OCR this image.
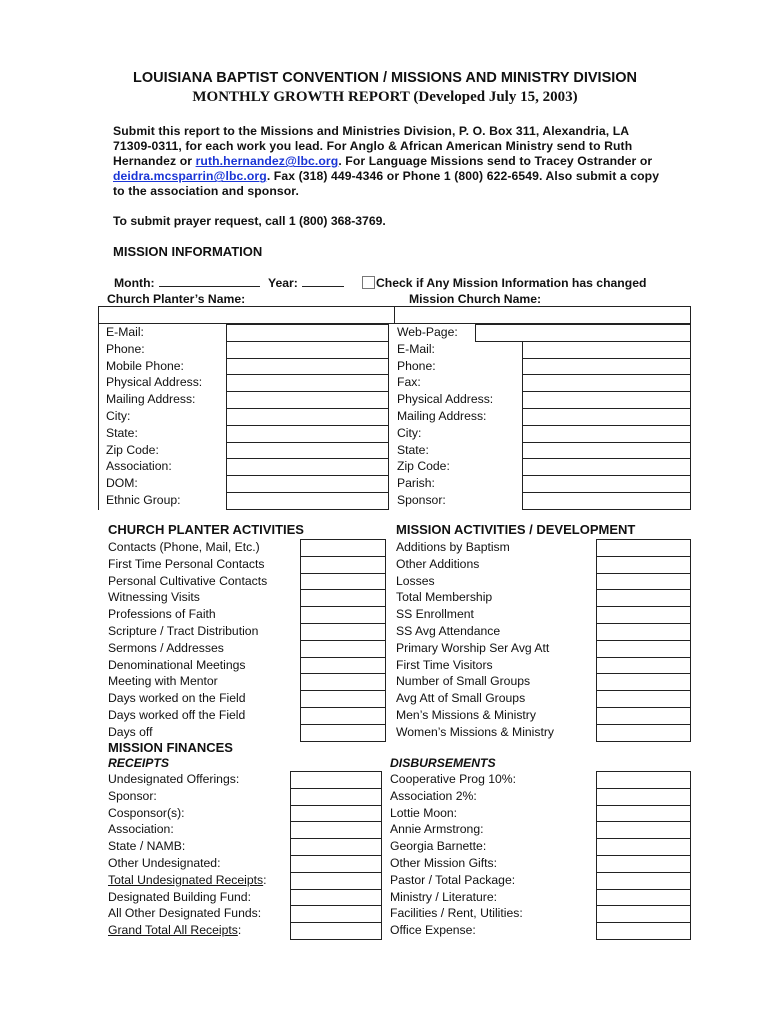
LOUISIANA BAPTIST CONVENTION / MISSIONS AND MINISTRY DIVISION
MONTHLY GROWTH REPORT (Developed July 15, 2003)
Submit this report to the Missions and Ministries Division, P. O. Box 311, Alexandria, LA 71309-0311, for each work you lead. For Anglo & African American Ministry send to Ruth Hernandez or ruth.hernandez@lbc.org. For Language Missions send to Tracey Ostrander or deidra.mcsparrin@lbc.org. Fax (318) 449-4346 or Phone 1 (800) 622-6549. Also submit a copy to the association and sponsor.
To submit prayer request, call 1 (800) 368-3769.
MISSION INFORMATION
Month:	Year:	Check if Any Mission Information has changed
Church Planter’s Name:	Mission Church Name:
E-Mail:
Phone:
Mobile Phone:
Physical Address:
Mailing Address:
City:
State:
Zip Code:
Association:
DOM:
Ethnic Group:
Web-Page:
E-Mail:
Phone:
Fax:
Physical Address:
Mailing Address:
City:
State:
Zip Code:
Parish:
Sponsor:
CHURCH PLANTER ACTIVITIES	MISSION ACTIVITIES / DEVELOPMENT
Contacts (Phone, Mail, Etc.)
First Time Personal Contacts
Personal Cultivative Contacts
Witnessing Visits
Professions of Faith
Scripture / Tract Distribution
Sermons / Addresses
Denominational Meetings
Meeting with Mentor
Days worked on the Field
Days worked off the Field
Days off
Additions by Baptism
Other Additions
Losses
Total Membership
SS Enrollment
SS Avg Attendance
Primary Worship Ser Avg Att
First Time Visitors
Number of Small Groups
Avg Att of Small Groups
Men’s Missions & Ministry
Women’s Missions & Ministry
MISSION FINANCES
RECEIPTS	DISBURSEMENTS
Undesignated Offerings:
Sponsor:
Cosponsor(s):
Association:
State / NAMB:
Other Undesignated:
Total Undesignated Receipts:
Designated Building Fund:
All Other Designated Funds:
Grand Total All Receipts:
Cooperative Prog 10%:
Association 2%:
Lottie Moon:
Annie Armstrong:
Georgia Barnette:
Other Mission Gifts:
Pastor / Total Package:
Ministry / Literature:
Facilities / Rent, Utilities:
Office Expense:
